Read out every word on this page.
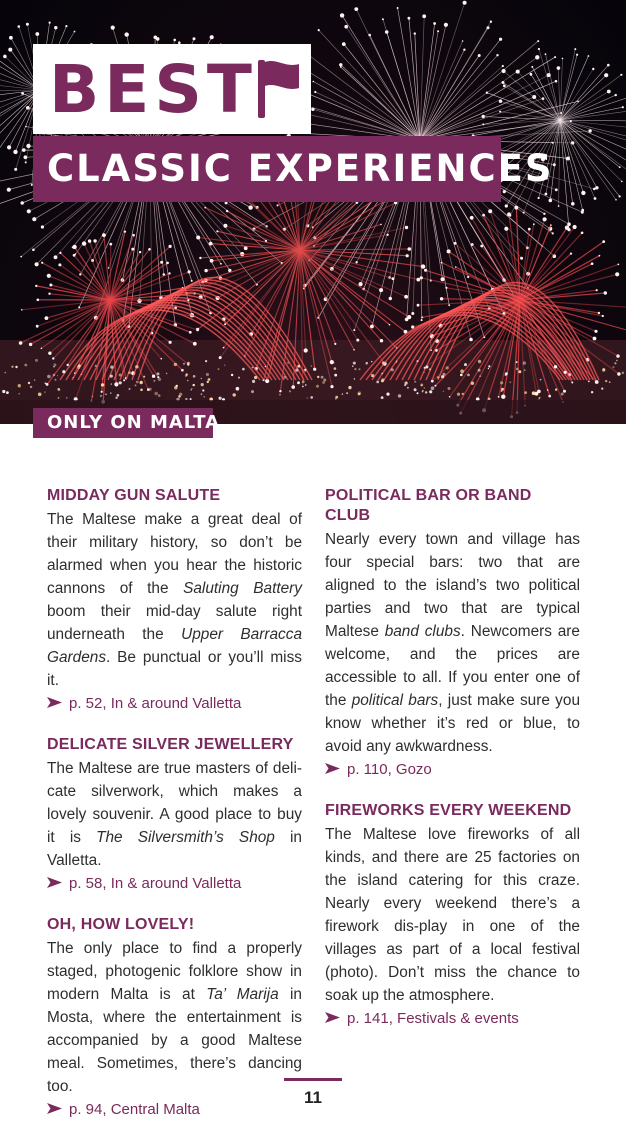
BEST
CLASSIC EXPERIENCES
ONLY ON MALTA
MIDDAY GUN SALUTE

The Maltese make a great deal of their military history, so don’t be alarmed when you hear the historic cannons of the Saluting Battery boom their mid-day salute right underneath the Upper Barracca Gardens. Be punctual or you’ll miss it.

p. 52, In & around Valletta
DELICATE SILVER JEWELLERY

The Maltese are true masters of deli-cate silverwork, which makes a lovely souvenir. A good place to buy it is The Silversmith’s Shop in Valletta.

p. 58, In & around Valletta
OH, HOW LOVELY!

The only place to find a properly staged, photogenic folklore show in modern Malta is at Ta’ Marija in Mosta, where the entertainment is accompanied by a good Maltese meal. Sometimes, there’s dancing too.

p. 94, Central Malta
POLITICAL BAR OR BAND CLUB

Nearly every town and village has four special bars: two that are aligned to the island’s two political parties and two that are typical Maltese band clubs. Newcomers are welcome, and the prices are accessible to all. If you enter one of the political bars, just make sure you know whether it’s red or blue, to avoid any awkwardness.

p. 110, Gozo
FIREWORKS EVERY WEEKEND

The Maltese love fireworks of all kinds, and there are 25 factories on the island catering for this craze. Nearly every weekend there’s a firework dis-play in one of the villages as part of a local festival (photo). Don’t miss the chance to soak up the atmosphere.

p. 141, Festivals & events
11
